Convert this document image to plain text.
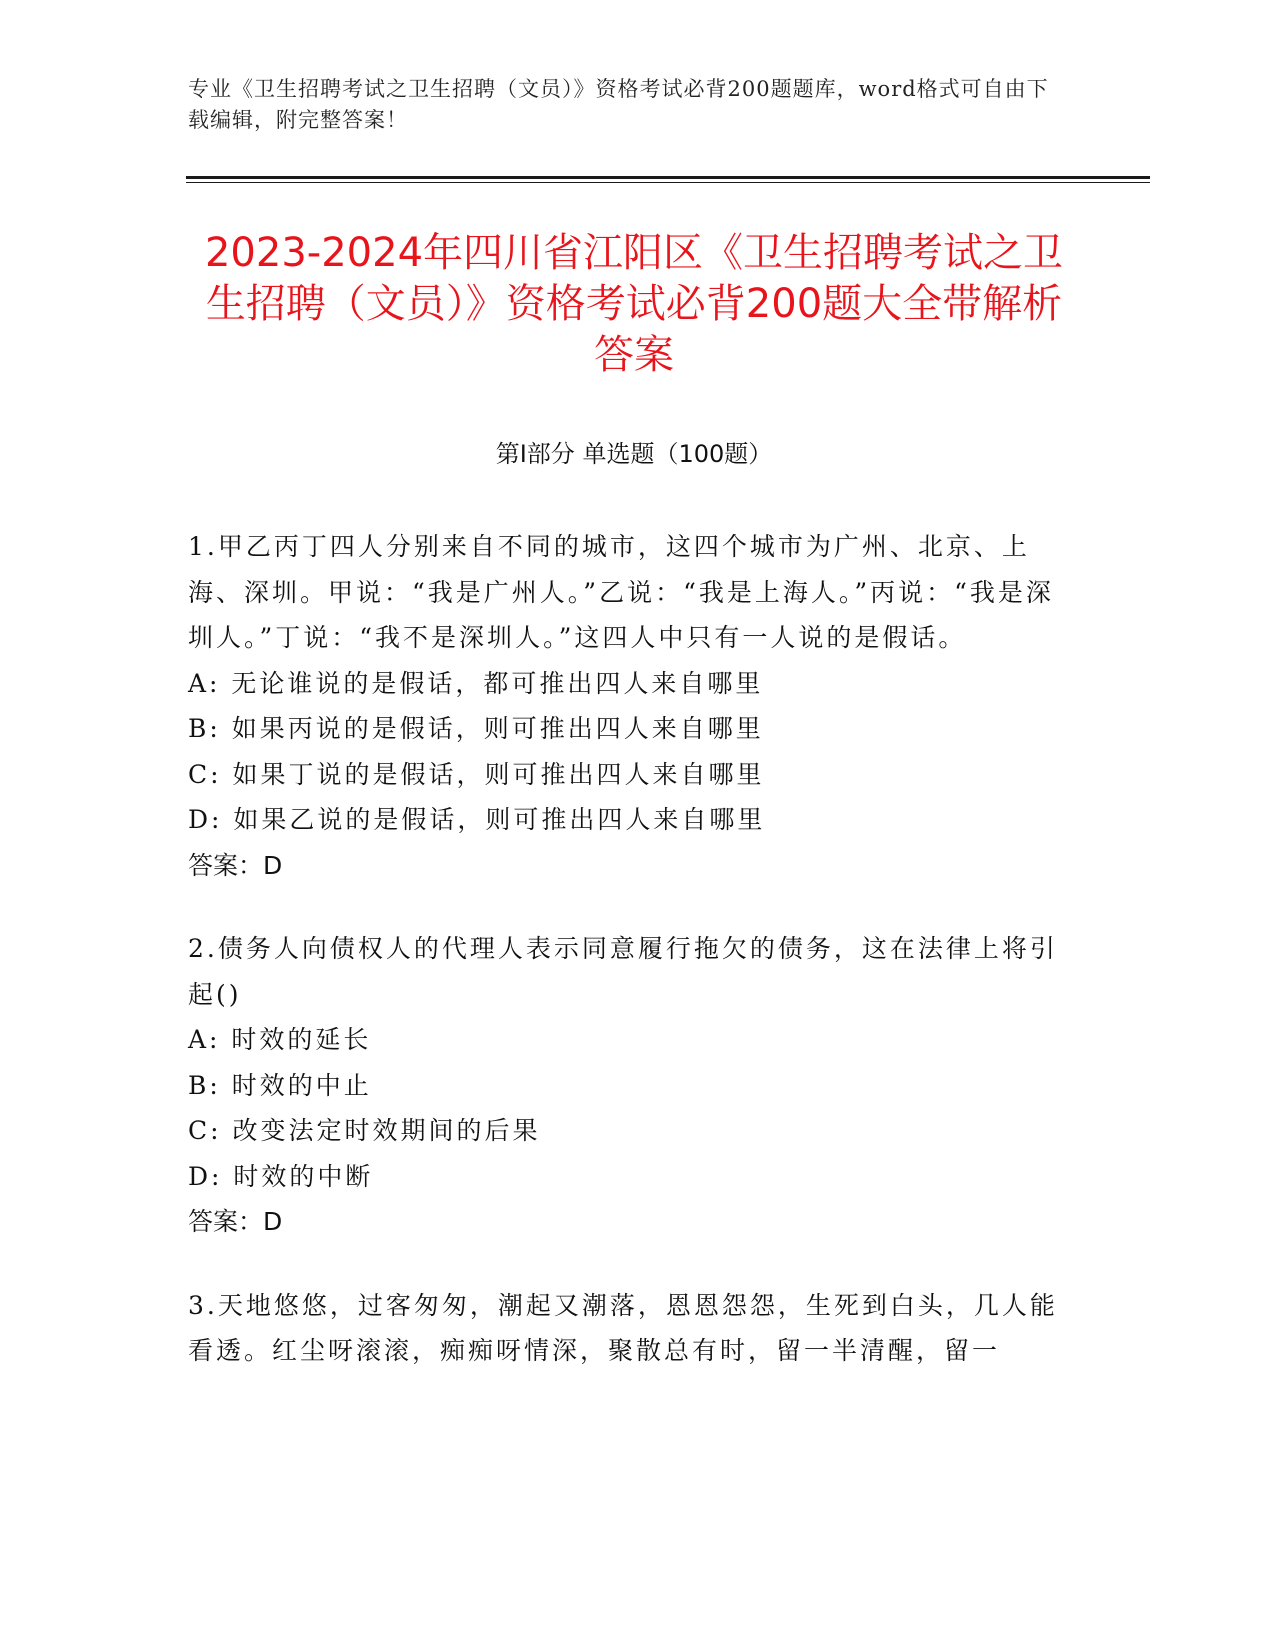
专业《卫生招聘考试之卫生招聘（文员）》资格考试必背200题题库，word格式可自由下载编辑，附完整答案！
2023-2024年四川省江阳区《卫生招聘考试之卫生招聘（文员）》资格考试必背200题大全带解析答案
第I部分 单选题（100题）

1.甲乙丙丁四人分别来自不同的城市，这四个城市为广州、北京、上海、深圳。甲说：“我是广州人。”乙说：“我是上海人。”丙说：“我是深圳人。”丁说：“我不是深圳人。”这四人中只有一人说的是假话。

A: 无论谁说的是假话，都可推出四人来自哪里

B: 如果丙说的是假话，则可推出四人来自哪里

C: 如果丁说的是假话，则可推出四人来自哪里

D: 如果乙说的是假话，则可推出四人来自哪里

答案：D

2.债务人向债权人的代理人表示同意履行拖欠的债务，这在法律上将引起()

A: 时效的延长

B: 时效的中止

C: 改变法定时效期间的后果

D: 时效的中断

答案：D

3.天地悠悠，过客匆匆，潮起又潮落，恩恩怨怨，生死到白头，几人能看透。红尘呀滚滚，痴痴呀情深，聚散总有时，留一半清醒，留一
